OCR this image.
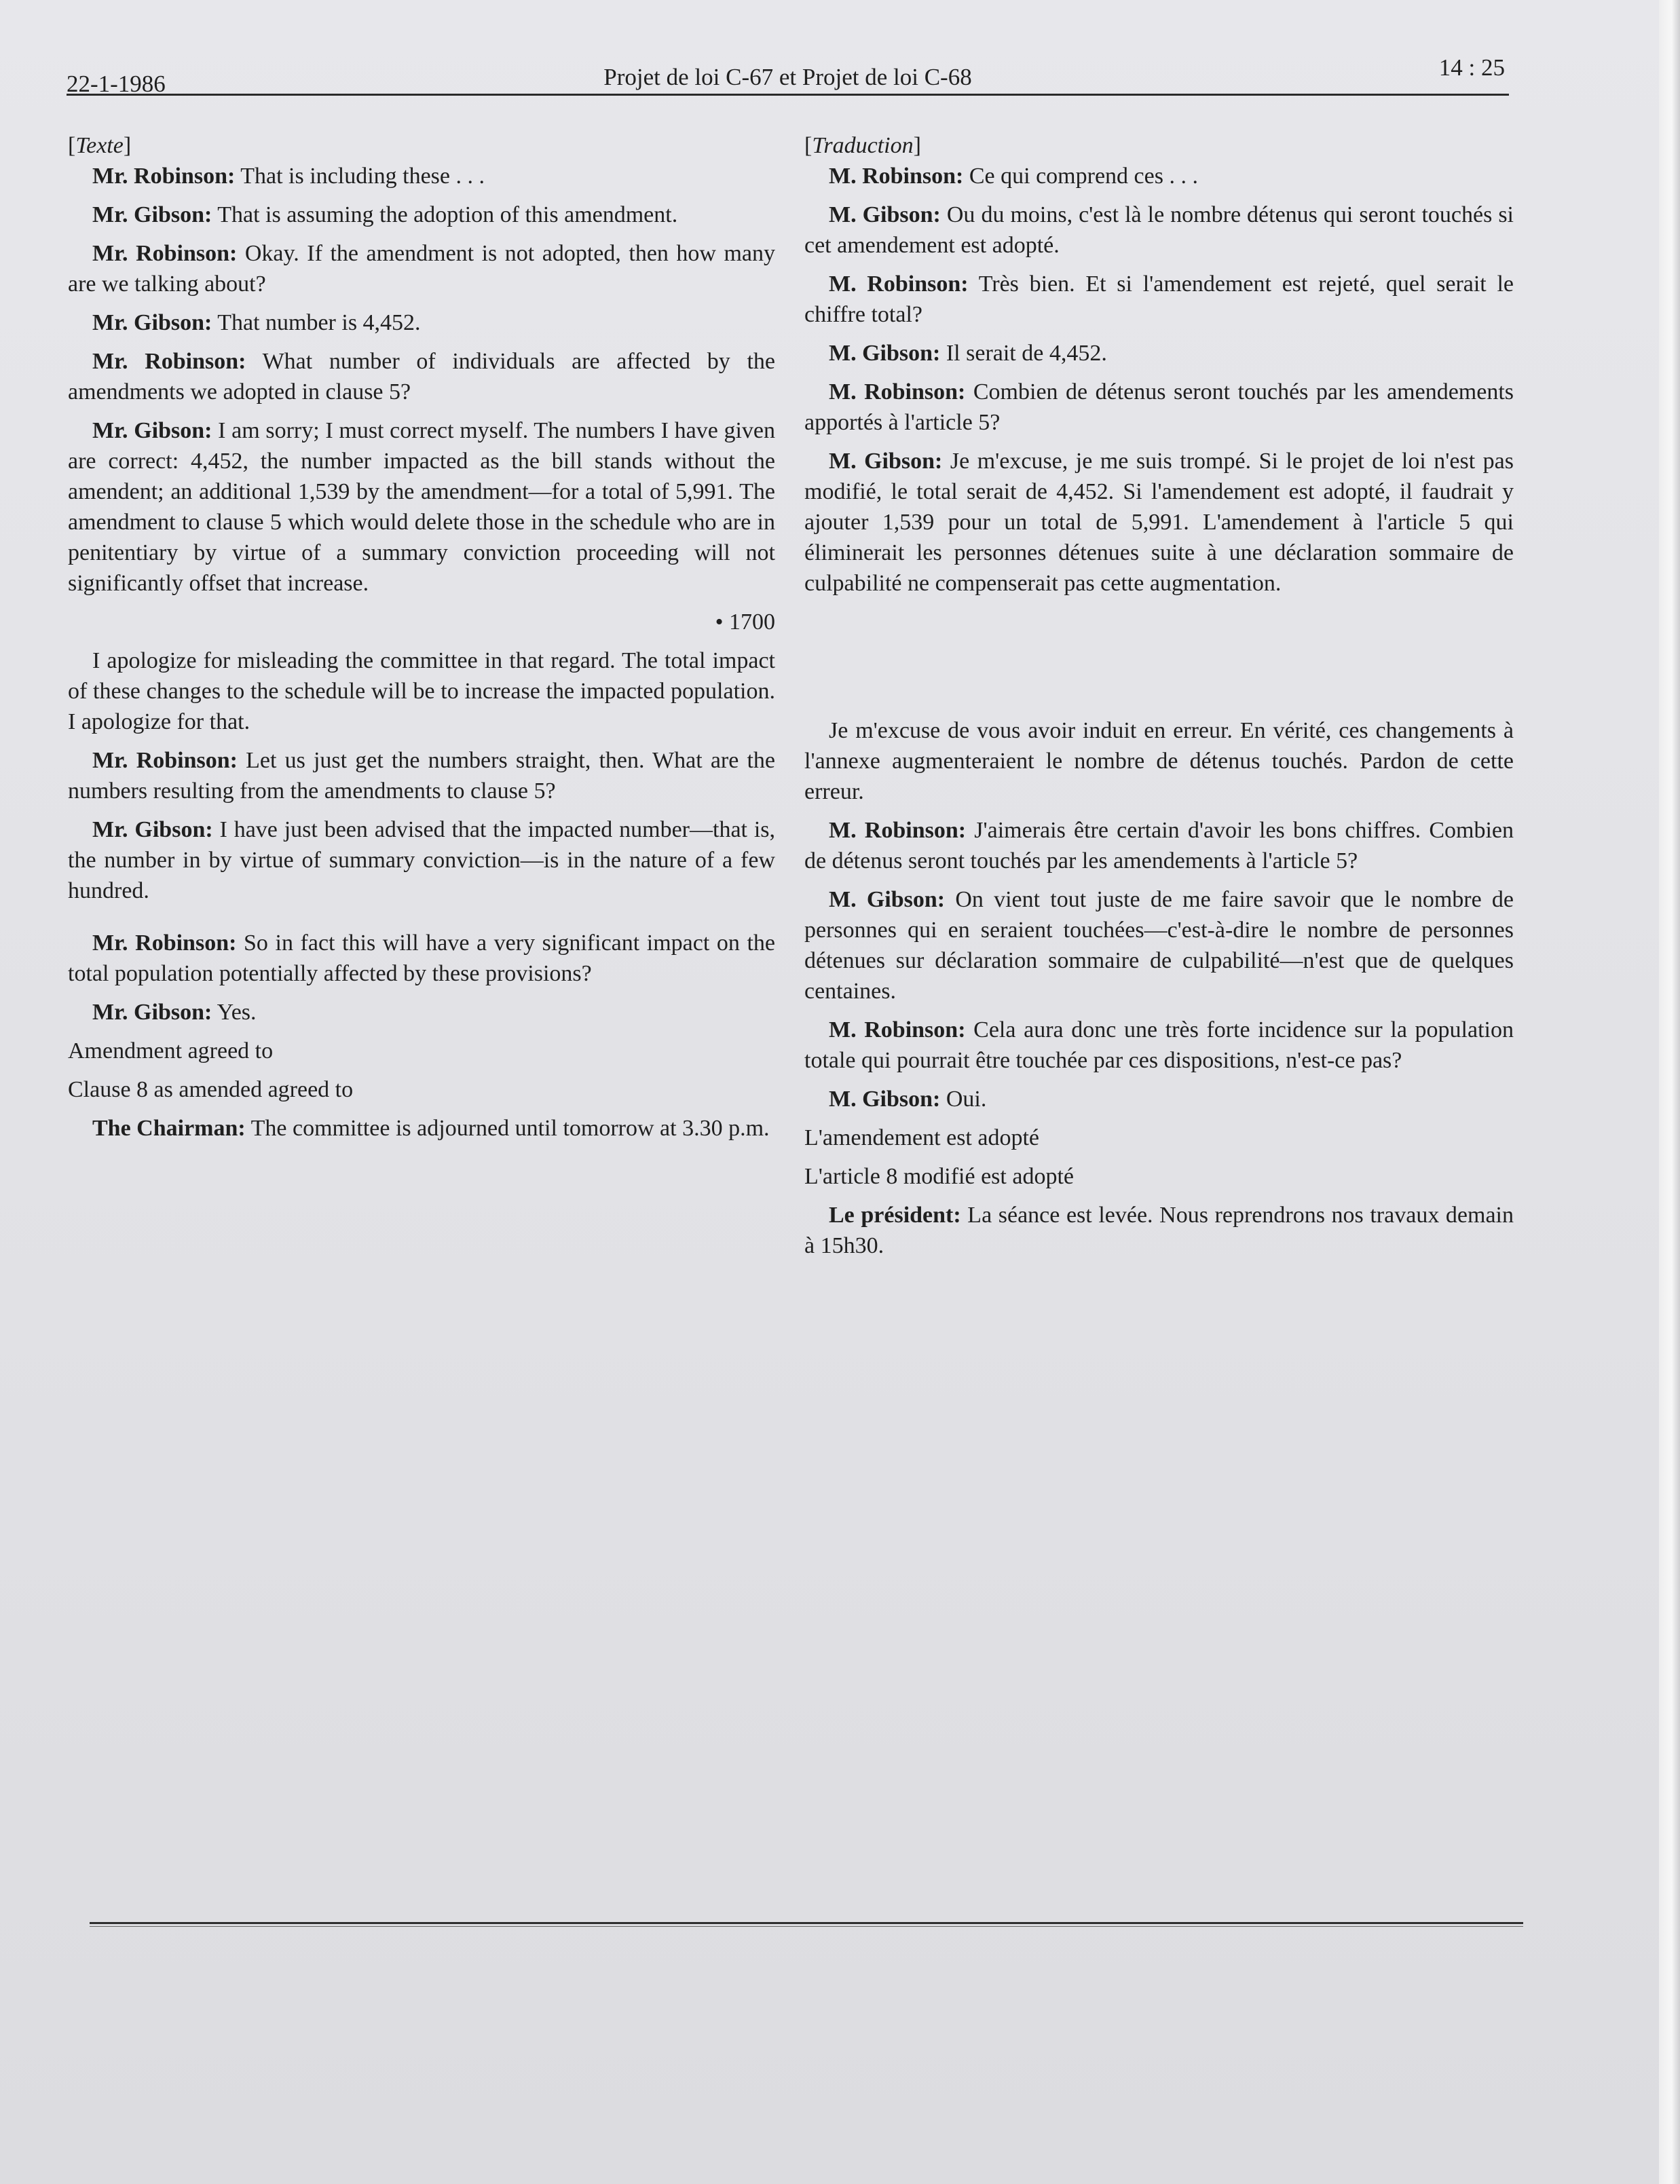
22-1-1986	Projet de loi C-67 et Projet de loi C-68	14 : 25

[Texte]

Mr. Robinson: That is including these . . .

Mr. Gibson: That is assuming the adoption of this amendment.

Mr. Robinson: Okay. If the amendment is not adopted, then how many are we talking about?

Mr. Gibson: That number is 4,452.

Mr. Robinson: What number of individuals are affected by the amendments we adopted in clause 5?

Mr. Gibson: I am sorry; I must correct myself. The numbers I have given are correct: 4,452, the number impacted as the bill stands without the amendent; an additional 1,539 by the amendment—for a total of 5,991. The amendment to clause 5 which would delete those in the schedule who are in penitentiary by virtue of a summary conviction proceeding will not significantly offset that increase.

• 1700

I apologize for misleading the committee in that regard. The total impact of these changes to the schedule will be to increase the impacted population. I apologize for that.

Mr. Robinson: Let us just get the numbers straight, then. What are the numbers resulting from the amendments to clause 5?

Mr. Gibson: I have just been advised that the impacted number—that is, the number in by virtue of summary conviction—is in the nature of a few hundred.

Mr. Robinson: So in fact this will have a very significant impact on the total population potentially affected by these provisions?

Mr. Gibson: Yes.

Amendment agreed to

Clause 8 as amended agreed to

The Chairman: The committee is adjourned until tomorrow at 3.30 p.m.

[Traduction]

M. Robinson: Ce qui comprend ces . . .

M. Gibson: Ou du moins, c'est là le nombre détenus qui seront touchés si cet amendement est adopté.

M. Robinson: Très bien. Et si l'amendement est rejeté, quel serait le chiffre total?

M. Gibson: Il serait de 4,452.

M. Robinson: Combien de détenus seront touchés par les amendements apportés à l'article 5?

M. Gibson: Je m'excuse, je me suis trompé. Si le projet de loi n'est pas modifié, le total serait de 4,452. Si l'amendement est adopté, il faudrait y ajouter 1,539 pour un total de 5,991. L'amendement à l'article 5 qui éliminerait les personnes détenues suite à une déclaration sommaire de culpabilité ne compenserait pas cette augmentation.

Je m'excuse de vous avoir induit en erreur. En vérité, ces changements à l'annexe augmenteraient le nombre de détenus touchés. Pardon de cette erreur.

M. Robinson: J'aimerais être certain d'avoir les bons chiffres. Combien de détenus seront touchés par les amendements à l'article 5?

M. Gibson: On vient tout juste de me faire savoir que le nombre de personnes qui en seraient touchées—c'est-à-dire le nombre de personnes détenues sur déclaration sommaire de culpabilité—n'est que de quelques centaines.

M. Robinson: Cela aura donc une très forte incidence sur la population totale qui pourrait être touchée par ces dispositions, n'est-ce pas?

M. Gibson: Oui.

L'amendement est adopté

L'article 8 modifié est adopté

Le président: La séance est levée. Nous reprendrons nos travaux demain à 15h30.
